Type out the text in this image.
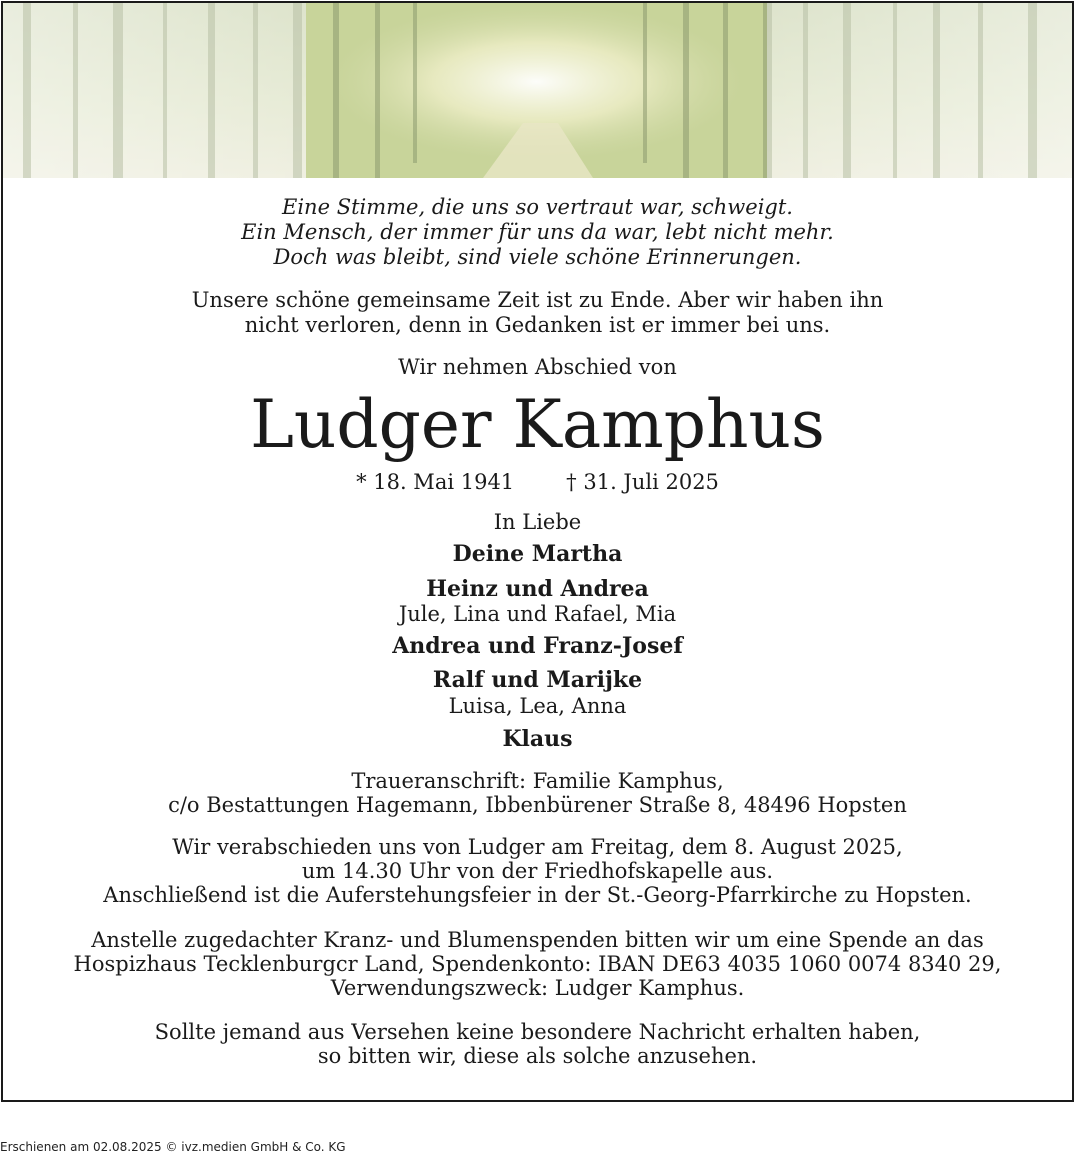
Eine Stimme, die uns so vertraut war, schweigt.
Ein Mensch, der immer für uns da war, lebt nicht mehr.
Doch was bleibt, sind viele schöne Erinnerungen.
Unsere schöne gemeinsame Zeit ist zu Ende. Aber wir haben ihn
nicht verloren, denn in Gedanken ist er immer bei uns.
Wir nehmen Abschied von
Ludger Kamphus
* 18. Mai 1941 † 31. Juli 2025
In Liebe
Deine Martha
Heinz und Andrea
Jule, Lina und Rafael, Mia
Andrea und Franz-Josef
Ralf und Marijke
Luisa, Lea, Anna
Klaus
Traueranschrift: Familie Kamphus,
c/o Bestattungen Hagemann, Ibbenbürener Straße 8, 48496 Hopsten
Wir verabschieden uns von Ludger am Freitag, dem 8. August 2025,
um 14.30 Uhr von der Friedhofskapelle aus.
Anschließend ist die Auferstehungsfeier in der St.-Georg-Pfarrkirche zu Hopsten.
Anstelle zugedachter Kranz- und Blumenspenden bitten wir um eine Spende an das
Hospizhaus Tecklenburgcr Land, Spendenkonto: IBAN DE63 4035 1060 0074 8340 29,
Verwendungszweck: Ludger Kamphus.
Sollte jemand aus Versehen keine besondere Nachricht erhalten haben,
so bitten wir, diese als solche anzusehen.
Erschienen am 02.08.2025 © ivz.medien GmbH & Co. KG
